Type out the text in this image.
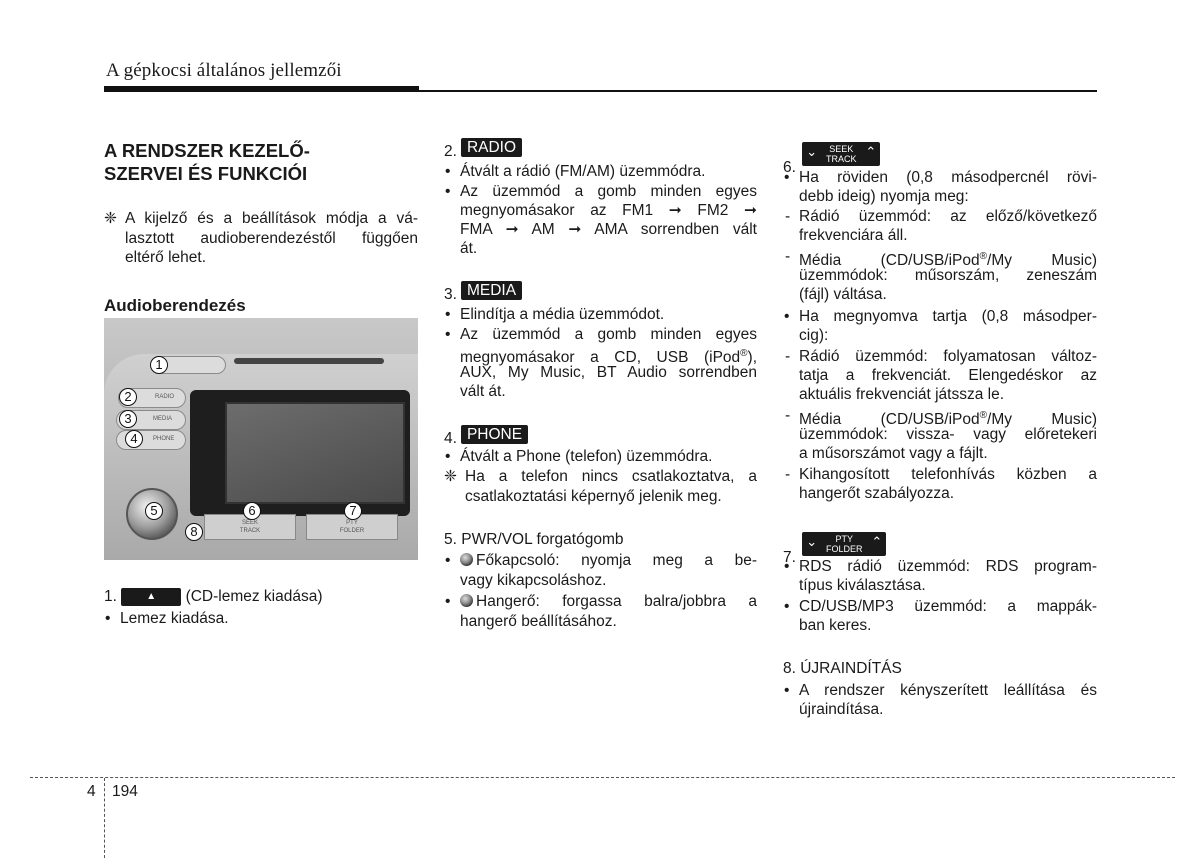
A gépkocsi általános jellemzői
A RENDSZER KEZELŐ-
SZERVEI ÉS FUNKCIÓI
❈ A kijelző és a beállítások módja a vá-
lasztott audioberendezéstől függően
eltérő lehet.
Audioberendezés
1.	▲ (CD-lemez kiadása)
• Lemez kiadása.
RADIO
MEDIA
PHONE
SEEK
TRACK
PTY
FOLDER
1
2
3
4
5	6	7
8
2. RADIO
• Átvált a rádió (FM/AM) üzemmódra.
• Az üzemmód a gomb minden egyes
megnyomásakor az FM1 ➞ FM2 ➞
FMA ➞ AM ➞ AMA sorrendben vált
át.
3. MEDIA
• Elindítja a média üzemmódot.
• Az üzemmód a gomb minden egyes
megnyomásakor a CD, USB (iPod®),
AUX, My Music, BT Audio sorrendben
vált át.
4. PHONE
• Átvált a Phone (telefon) üzemmódra.
❈ Ha a telefon nincs csatlakoztatva, a
csatlakoztatási képernyő jelenik meg.
5. PWR/VOL forgatógomb
• Főkapcsoló: nyomja meg a be-
vagy kikapcsoláshoz.
• Hangerő: forgassa balra/jobbra a
hangerő beállításához.
6.
⌄	SEEK
TRACK ⌃
• Ha röviden (0,8 másodpercnél rövi-
debb ideig) nyomja meg:
- Rádió üzemmód: az előző/következő
frekvenciára áll.
- Média (CD/USB/iPod®/My Music)
üzemmódok: műsorszám, zeneszám
(fájl) váltása.
• Ha megnyomva tartja (0,8 másodper-
cig):
- Rádió üzemmód: folyamatosan változ-
tatja a frekvenciát. Elengedéskor az
aktuális frekvenciát játssza le.
- Média (CD/USB/iPod®/My Music)
üzemmódok: vissza- vagy előretekeri
a műsorszámot vagy a fájlt.
- Kihangosított telefonhívás közben a
hangerőt szabályozza.
7.
⌄	PTY
FOLDER ⌃
• RDS rádió üzemmód: RDS program-
típus kiválasztása.
• CD/USB/MP3 üzemmód: a mappák-
ban keres.
8. ÚJRAINDÍTÁS
• A rendszer kényszerített leállítása és
újraindítása.
4 194
